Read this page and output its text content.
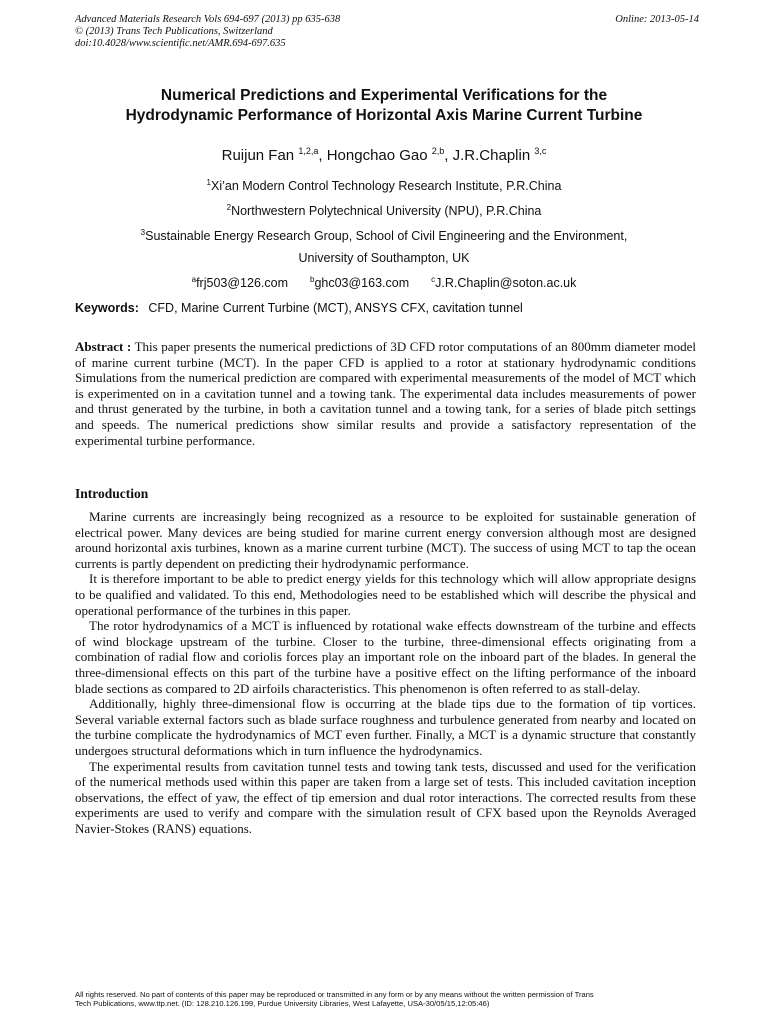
Advanced Materials Research Vols 694-697 (2013) pp 635-638	Online: 2013-05-14
© (2013) Trans Tech Publications, Switzerland
doi:10.4028/www.scientific.net/AMR.694-697.635
Numerical Predictions and Experimental Verifications for the
Hydrodynamic Performance of Horizontal Axis Marine Current Turbine
Ruijun Fan $^{1,2,a}$, Hongchao Gao $^{2,b}$, J.R.Chaplin $^{3,c}$
$^1$Xi’an Modern Control Technology Research Institute, P.R.China
$^2$Northwestern Polytechnical University (NPU), P.R.China
$^3$Sustainable Energy Research Group, School of Civil Engineering and the Environment,
University of Southampton, UK
$^a$frj503@126.com	$^b$ghc03@163.com	$^c$J.R.Chaplin@soton.ac.uk
Keywords: CFD, Marine Current Turbine (MCT), ANSYS CFX, cavitation tunnel
Abstract : This paper presents the numerical predictions of 3D CFD rotor computations of an 800mm diameter model of marine current turbine (MCT). In the paper CFD is applied to a rotor at stationary hydrodynamic conditions Simulations from the numerical prediction are compared with experimental measurements of the model of MCT which is experimented on in a cavitation tunnel and a towing tank. The experimental data includes measurements of power and thrust generated by the turbine, in both a cavitation tunnel and a towing tank, for a series of blade pitch settings and speeds. The numerical predictions show similar results and provide a satisfactory representation of the experimental turbine performance.
Introduction

Marine currents are increasingly being recognized as a resource to be exploited for sustainable generation of electrical power. Many devices are being studied for marine current energy conversion although most are designed around horizontal axis turbines, known as a marine current turbine (MCT). The success of using MCT to tap the ocean currents is partly dependent on predicting their hydrodynamic performance.

It is therefore important to be able to predict energy yields for this technology which will allow appropriate designs to be qualified and validated. To this end, Methodologies need to be established which will describe the physical and operational performance of the turbines in this paper.

The rotor hydrodynamics of a MCT is influenced by rotational wake effects downstream of the turbine and effects of wind blockage upstream of the turbine. Closer to the turbine, three-dimensional effects originating from a combination of radial flow and coriolis forces play an important role on the inboard part of the blades. In general the three-dimensional effects on this part of the turbine have a positive effect on the lifting performance of the inboard blade sections as compared to 2D airfoils characteristics. This phenomenon is often referred to as stall-delay.

Additionally, highly three-dimensional flow is occurring at the blade tips due to the formation of tip vortices. Several variable external factors such as blade surface roughness and turbulence generated from nearby and located on the turbine complicate the hydrodynamics of MCT even further. Finally, a MCT is a dynamic structure that constantly undergoes structural deformations which in turn influence the hydrodynamics.

The experimental results from cavitation tunnel tests and towing tank tests, discussed and used for the verification of the numerical methods used within this paper are taken from a large set of tests. This included cavitation inception observations, the effect of yaw, the effect of tip emersion and dual rotor interactions. The corrected results from these experiments are used to verify and compare with the simulation result of CFX based upon the Reynolds Averaged Navier-Stokes (RANS) equations.

All rights reserved. No part of contents of this paper may be reproduced or transmitted in any form or by any means without the written permission of Trans
Tech Publications, www.ttp.net. (ID: 128.210.126.199, Purdue University Libraries, West Lafayette, USA-30/05/15,12:05:46)
